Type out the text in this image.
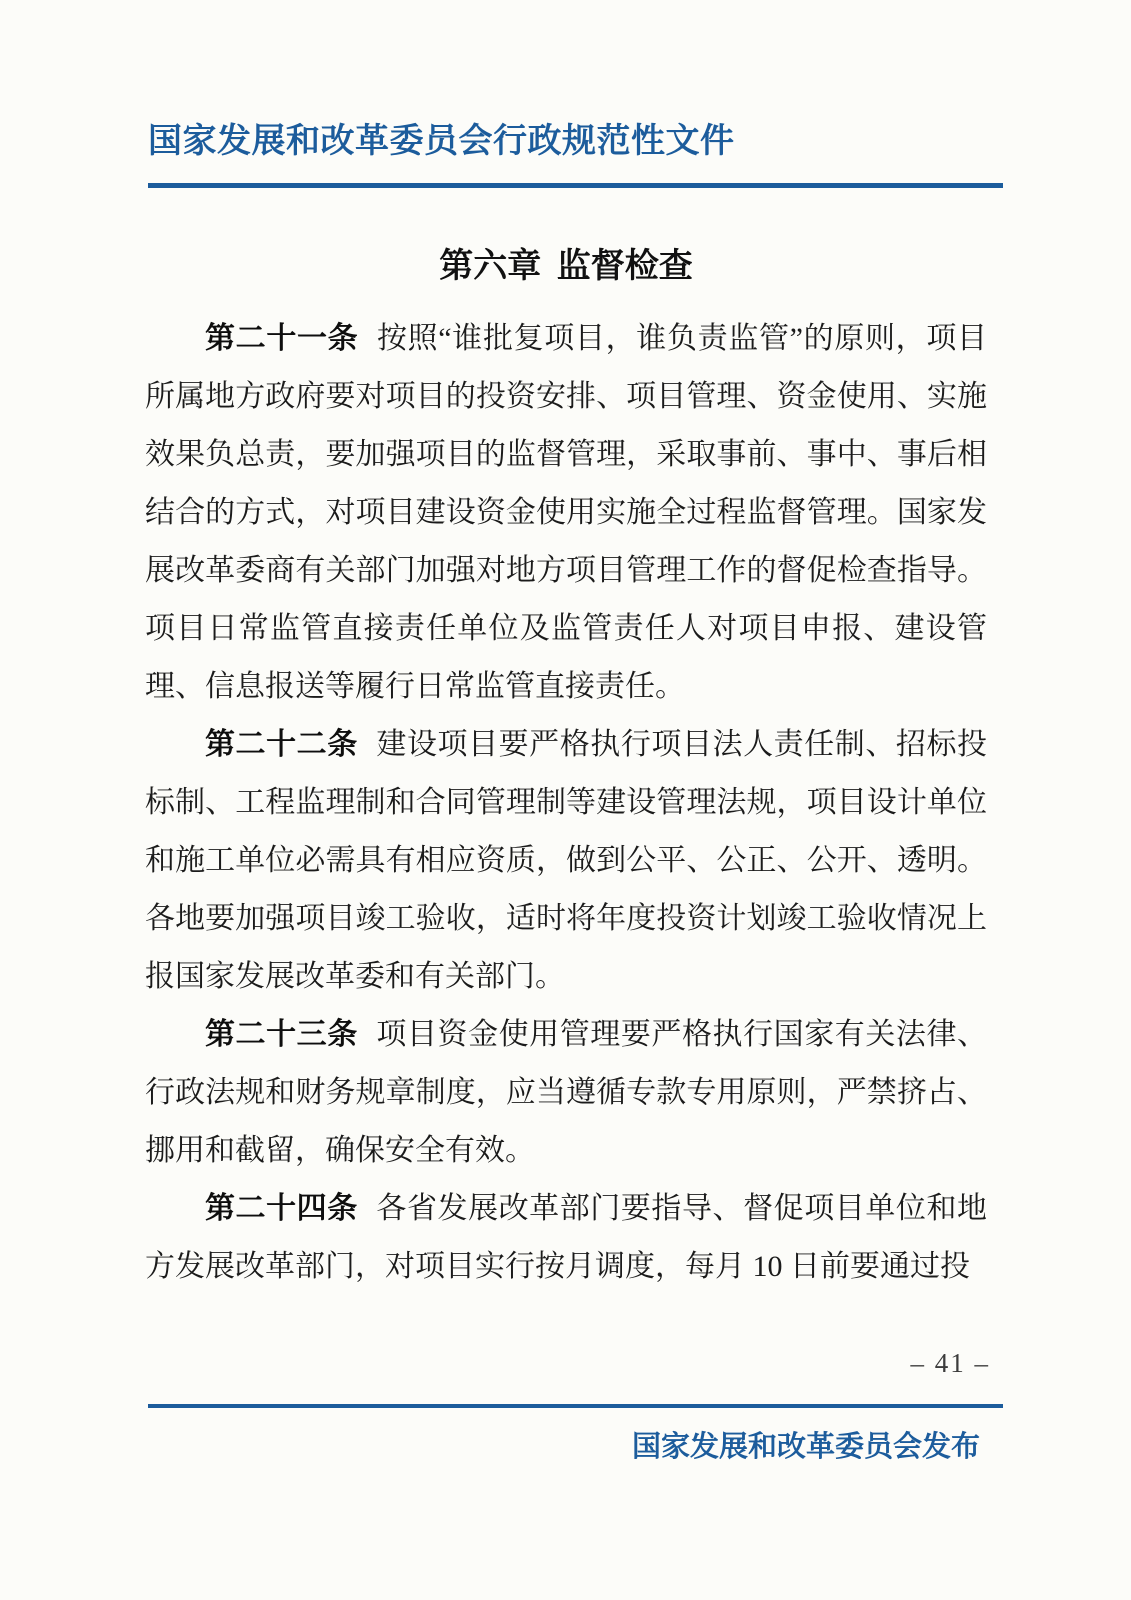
国家发展和改革委员会行政规范性文件
第六章 监督检查

第二十一条 按照“谁批复项目，谁负责监管”的原则，项目所属地方政府要对项目的投资安排、项目管理、资金使用、实施效果负总责，要加强项目的监督管理，采取事前、事中、事后相结合的方式，对项目建设资金使用实施全过程监督管理。国家发展改革委商有关部门加强对地方项目管理工作的督促检查指导。项目日常监管直接责任单位及监管责任人对项目申报、建设管理、信息报送等履行日常监管直接责任。

第二十二条 建设项目要严格执行项目法人责任制、招标投标制、工程监理制和合同管理制等建设管理法规，项目设计单位和施工单位必需具有相应资质，做到公平、公正、公开、透明。各地要加强项目竣工验收，适时将年度投资计划竣工验收情况上报国家发展改革委和有关部门。

第二十三条 项目资金使用管理要严格执行国家有关法律、行政法规和财务规章制度，应当遵循专款专用原则，严禁挤占、挪用和截留，确保安全有效。

第二十四条 各省发展改革部门要指导、督促项目单位和地方发展改革部门，对项目实行按月调度，每月 10 日前要通过投

– 41 –
国家发展和改革委员会发布
